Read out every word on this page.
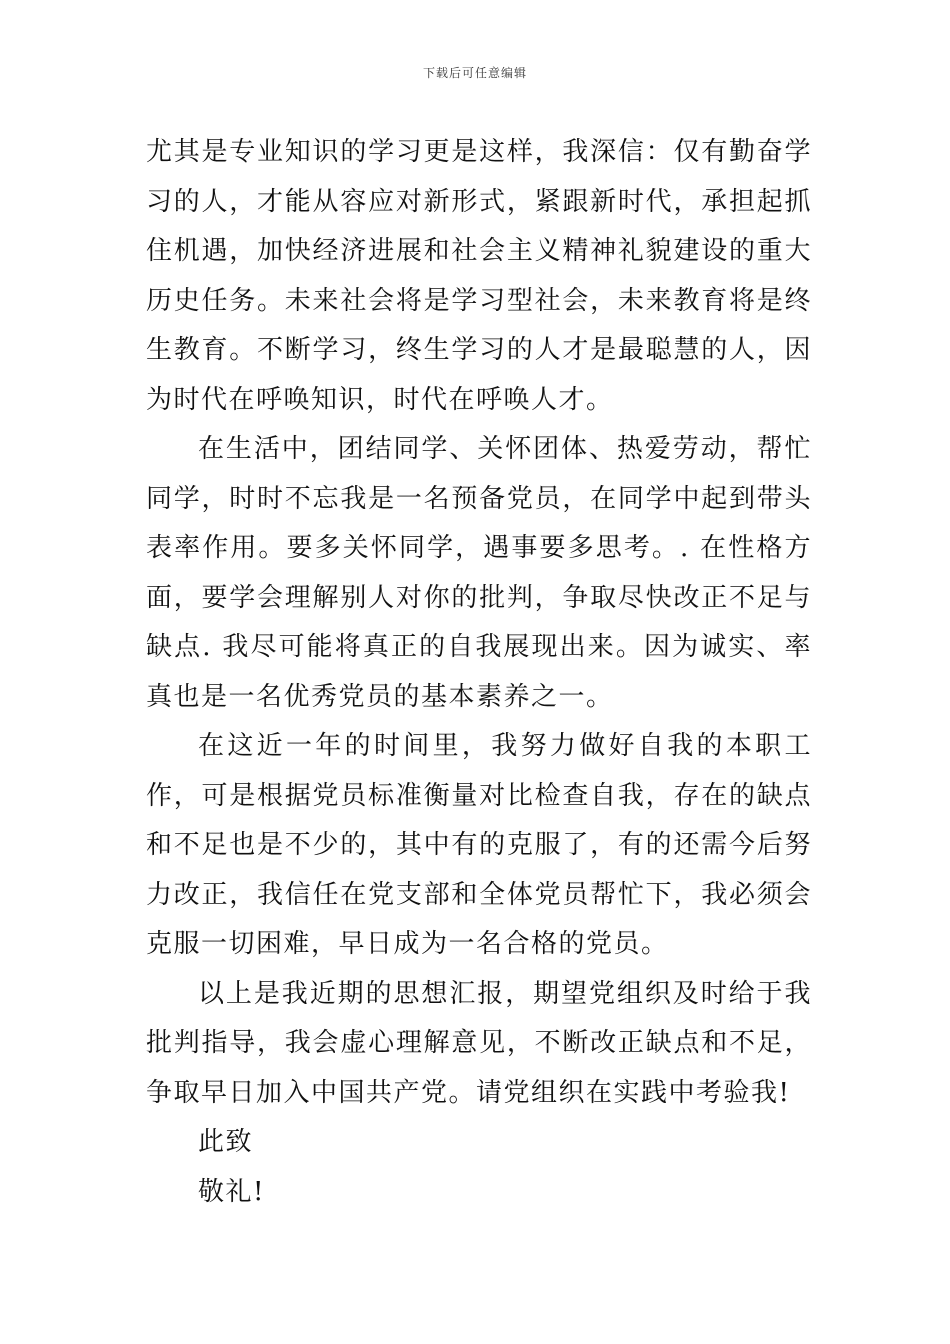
下载后可任意编辑

尤其是专业知识的学习更是这样，我深信：仅有勤奋学习的人，才能从容应对新形式，紧跟新时代，承担起抓住机遇，加快经济进展和社会主义精神礼貌建设的重大历史任务。未来社会将是学习型社会，未来教育将是终生教育。不断学习，终生学习的人才是最聪慧的人，因为时代在呼唤知识，时代在呼唤人才。

在生活中，团结同学、关怀团体、热爱劳动，帮忙同学，时时不忘我是一名预备党员，在同学中起到带头表率作用。要多关怀同学，遇事要多思考。. 在性格方面，要学会理解别人对你的批判，争取尽快改正不足与缺点. 我尽可能将真正的自我展现出来。因为诚实、率真也是一名优秀党员的基本素养之一。

在这近一年的时间里，我努力做好自我的本职工作，可是根据党员标准衡量对比检查自我，存在的缺点和不足也是不少的，其中有的克服了，有的还需今后努力改正，我信任在党支部和全体党员帮忙下，我必须会克服一切困难，早日成为一名合格的党员。

以上是我近期的思想汇报，期望党组织及时给于我批判指导，我会虚心理解意见，不断改正缺点和不足，争取早日加入中国共产党。请党组织在实践中考验我!

此致

敬礼!
